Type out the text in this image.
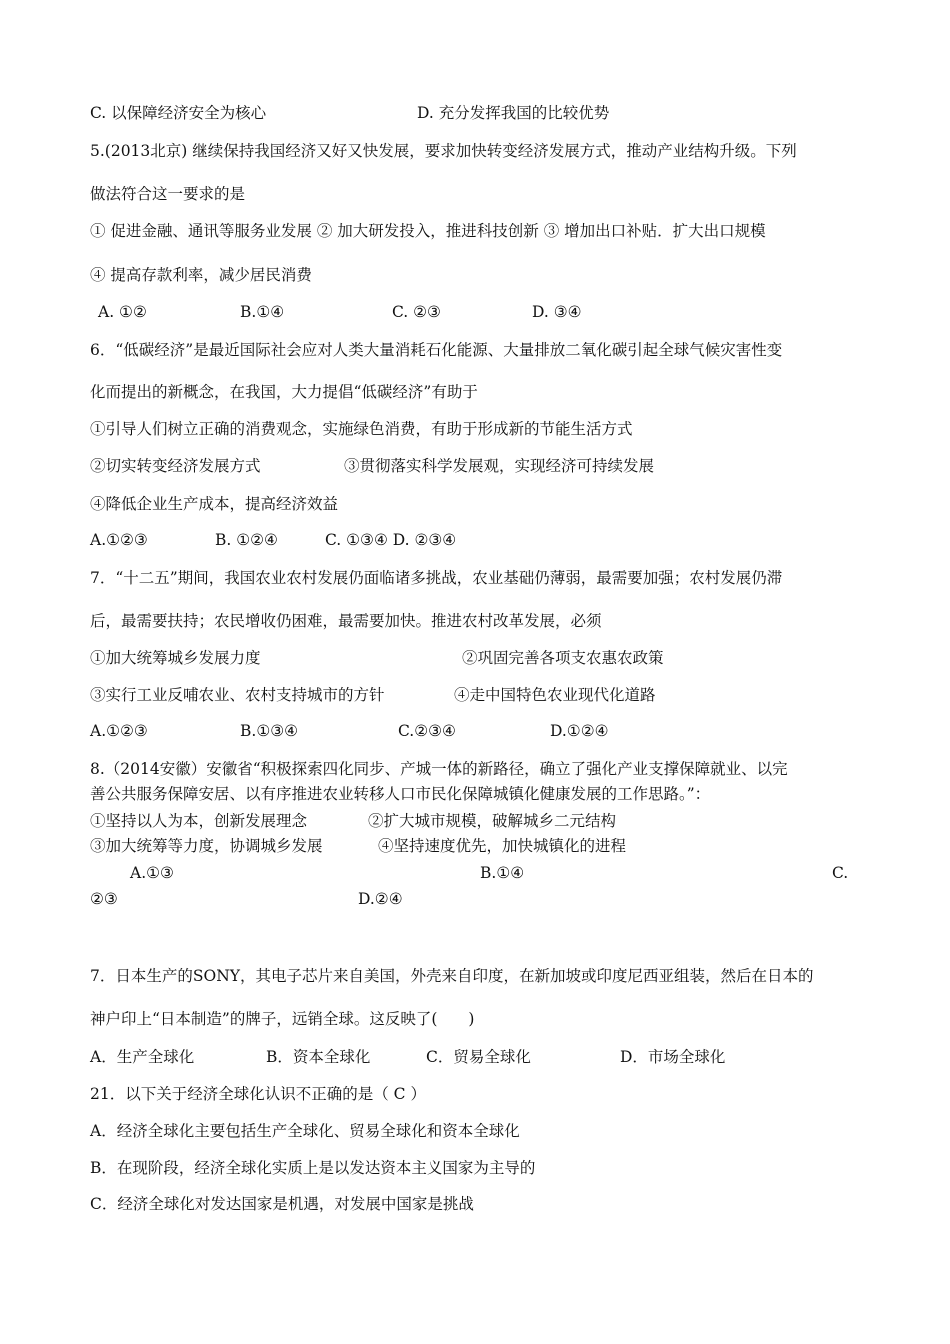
C. 以保障经济安全为核心	D. 充分发挥我国的比较优势
5.(2013北京) 继续保持我国经济又好又快发展，要求加快转变经济发展方式，推动产业结构升级。下列
做法符合这一要求的是
① 促进金融、通讯等服务业发展 ② 加大研发投入，推进科技创新 ③ 增加出口补贴．扩大出口规模
④ 提高存款利率，减少居民消费
A. ①②	B.①④	C. ②③	D. ③④
6．“低碳经济”是最近国际社会应对人类大量消耗石化能源、大量排放二氧化碳引起全球气候灾害性变
化而提出的新概念，在我国，大力提倡“低碳经济”有助于
①引导人们树立正确的消费观念，实施绿色消费，有助于形成新的节能生活方式
②切实转变经济发展方式	③贯彻落实科学发展观，实现经济可持续发展
④降低企业生产成本，提高经济效益
A.①②③	B. ①②④	C. ①③④ D. ②③④
7．“十二五”期间，我国农业农村发展仍面临诸多挑战，农业基础仍薄弱，最需要加强；农村发展仍滞
后，最需要扶持；农民增收仍困难，最需要加快。推进农村改革发展，必须
①加大统筹城乡发展力度	②巩固完善各项支农惠农政策
③实行工业反哺农业、农村支持城市的方针	④走中国特色农业现代化道路
A.①②③	B.①③④	C.②③④	D.①②④
8.（2014安徽）安徽省“积极探索四化同步、产城一体的新路径，确立了强化产业支撑保障就业、以完
善公共服务保障安居、以有序推进农业转移人口市民化保障城镇化健康发展的工作思路。”：
①坚持以人为本，创新发展理念	②扩大城市规模，破解城乡二元结构
③加大统筹等力度，协调城乡发展	④坚持速度优先，加快城镇化的进程
A.①③	B.①④	C.
②③	D.②④
7．日本生产的SONY，其电子芯片来自美国，外壳来自印度，在新加坡或印度尼西亚组装，然后在日本的
神户印上“日本制造”的牌子，远销全球。这反映了(　　)
A．生产全球化	B．资本全球化	C．贸易全球化	D．市场全球化
21．以下关于经济全球化认识不正确的是（ C ）
A．经济全球化主要包括生产全球化、贸易全球化和资本全球化
B．在现阶段，经济全球化实质上是以发达资本主义国家为主导的
C．经济全球化对发达国家是机遇，对发展中国家是挑战
